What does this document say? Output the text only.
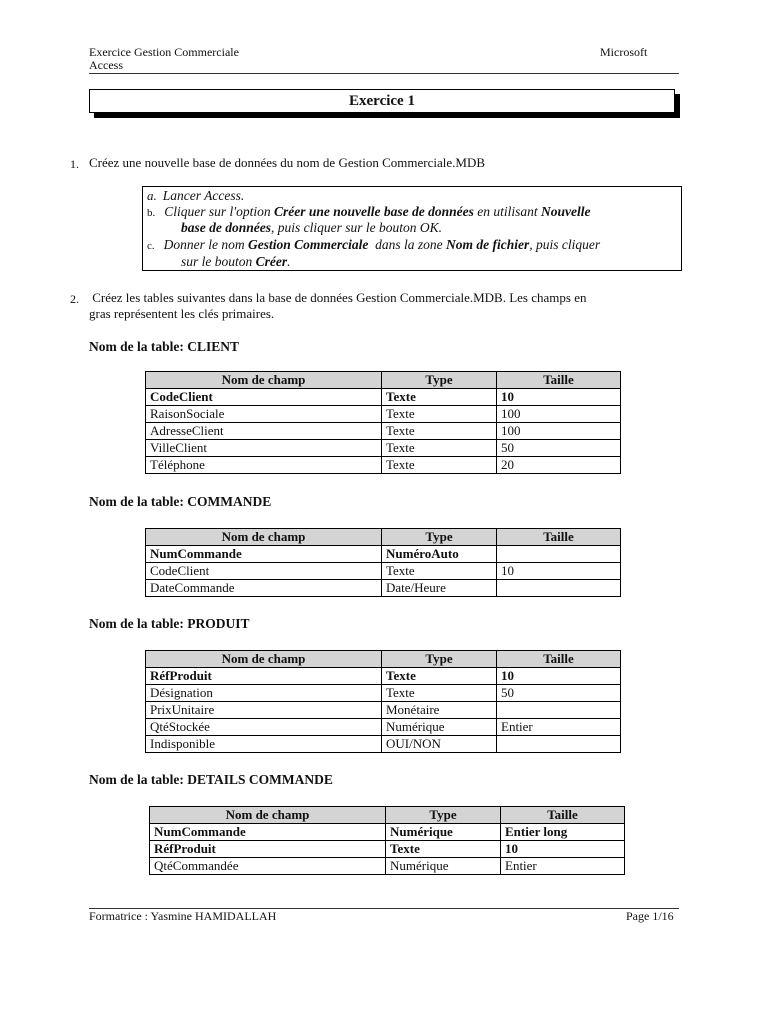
Exercice Gestion Commerciale
Access
Microsoft
Exercice 1
1. Créez une nouvelle base de données du nom de Gestion Commerciale.MDB
a. Lancer Access.
b. Cliquer sur l'option Créer une nouvelle base de données en utilisant Nouvelle
base de données, puis cliquer sur le bouton OK.
c. Donner le nom Gestion Commerciale  dans la zone Nom de fichier, puis cliquer
sur le bouton Créer.
2. Créez les tables suivantes dans la base de données Gestion Commerciale.MDB. Les champs en
gras représentent les clés primaires.
Nom de la table: CLIENT
Nom de champ	Type	Taille
CodeClient	Texte	10
RaisonSociale	Texte	100
AdresseClient	Texte	100
VilleClient	Texte	50
Téléphone	Texte	20
Nom de la table: COMMANDE
Nom de champ	Type	Taille
NumCommande	NuméroAuto	
CodeClient	Texte	10
DateCommande	Date/Heure	
Nom de la table: PRODUIT
Nom de champ	Type	Taille
RéfProduit	Texte	10
Désignation	Texte	50
PrixUnitaire	Monétaire	
QtéStockée	Numérique	Entier
Indisponible	OUI/NON	
Nom de la table: DETAILS COMMANDE
Nom de champ	Type	Taille
NumCommande	Numérique	Entier long
RéfProduit	Texte	10
QtéCommandée	Numérique	Entier
Formatrice : Yasmine HAMIDALLAH	Page 1/16
